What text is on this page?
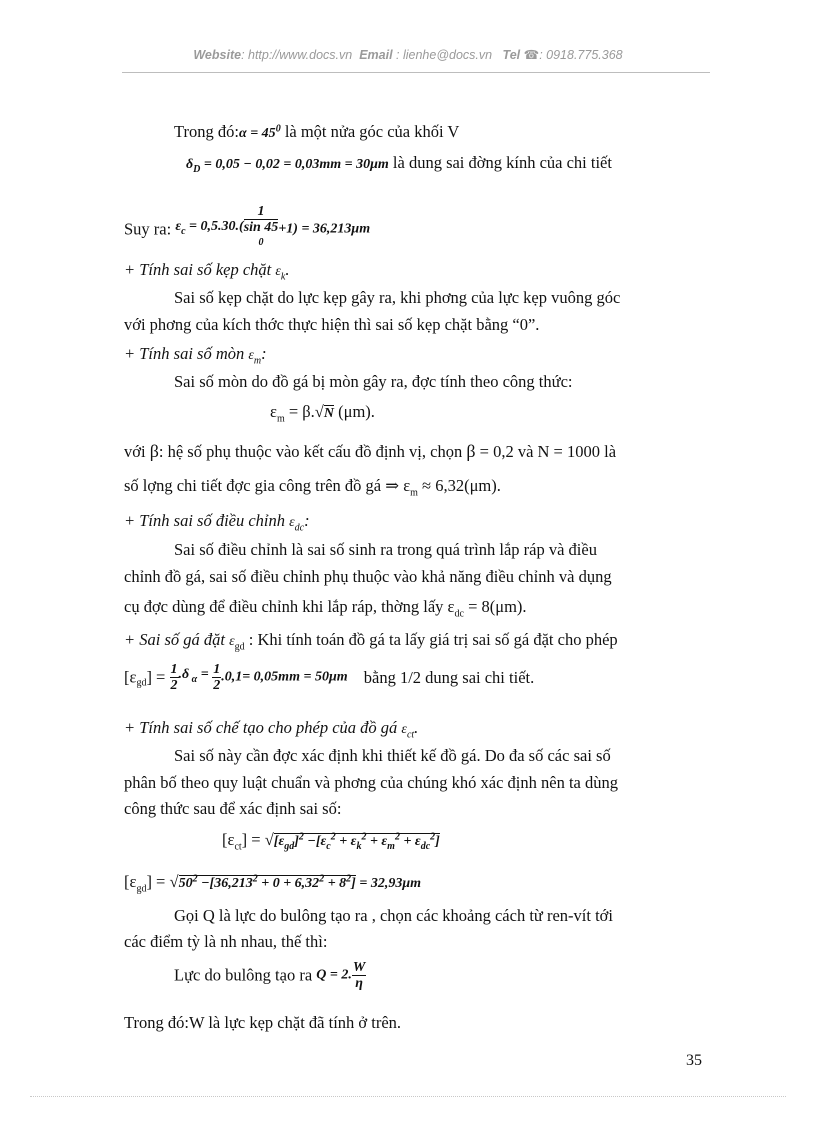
Website: http://www.docs.vn Email : lienhe@docs.vn Tel ☎: 0918.775.368
Trong đó:α = $45^0$ là một nửa góc của khối V
$\delta_D = 0,05 - 0,02 = 0,03mm = 30\mu m$ là dung sai đờng kính của chi tiết
Suy ra: $\varepsilon_c = 0,5.30$.( 1
sin 45
$^0$ +1) = 36,213μm
+ Tính sai số kẹp chặt $\varepsilon_k$.
Sai số kẹp chặt do lực kẹp gây ra, khi phơng của lực kẹp vuông góc
với phơng của kích thớc thực hiện thì sai số kẹp chặt bằng “0”.
+ Tính sai số mòn $\varepsilon_m$:
Sai số mòn do đồ gá bị mòn gây ra, đợc tính theo công thức:
$\varepsilon_m = \beta.√N$ (μm).
với β: hệ số phụ thuộc vào kết cấu đồ định vị, chọn β = 0,2 và N = 1000 là
số lợng chi tiết đợc gia công trên đồ gá ⇒ $\varepsilon_m \approx 6,32(\mu m)$.
+ Tính sai số điều chỉnh $\varepsilon_{dc}$:
Sai số điều chỉnh là sai số sinh ra trong quá trình lắp ráp và điều
chỉnh đồ gá, sai số điều chỉnh phụ thuộc vào khả năng điều chỉnh và dụng
cụ đợc dùng để điều chỉnh khi lắp ráp, thờng lấy $\varepsilon_{dc} = 8(\mu m)$.
+ Sai số gá đặt $\varepsilon_{gd}$ : Khi tính toán đồ gá ta lấy giá trị sai số gá đặt cho phép
$[\varepsilon_{gd}] = \frac{1}{2} .\delta$ $_\alpha = \frac{1}{2} .0,1= 0,05mm = 50\mu m$ bằng 1/2 dung sai chi tiết.
+ Tính sai số chế tạo cho phép của đồ gá $\varepsilon_{ct}$.
Sai số này cần đợc xác định khi thiết kế đồ gá. Do đa số các sai số
phân bố theo quy luật chuẩn và phơng của chúng khó xác định nên ta dùng
công thức sau để xác định sai số:
$[\varepsilon_{ct}] = √[\varepsilon_{gd}]^2 -[\varepsilon_c^2 + \varepsilon_k^2 + \varepsilon_m^2 + \varepsilon_{dc}^2]$
$[\varepsilon_{gd}] = √50^2 -[36,213^2 + 0 + 6,32^2 + 8^2] = 32,93\mu m$
Gọi Q là lực do bulông tạo ra , chọn các khoảng cách từ ren-vít tới
các điểm tỳ là nh nhau, thế thì:
Lực do bulông tạo ra Q = 2. $\frac{W}{\eta}$
Trong đó:W là lực kẹp chặt đã tính ở trên.
35
